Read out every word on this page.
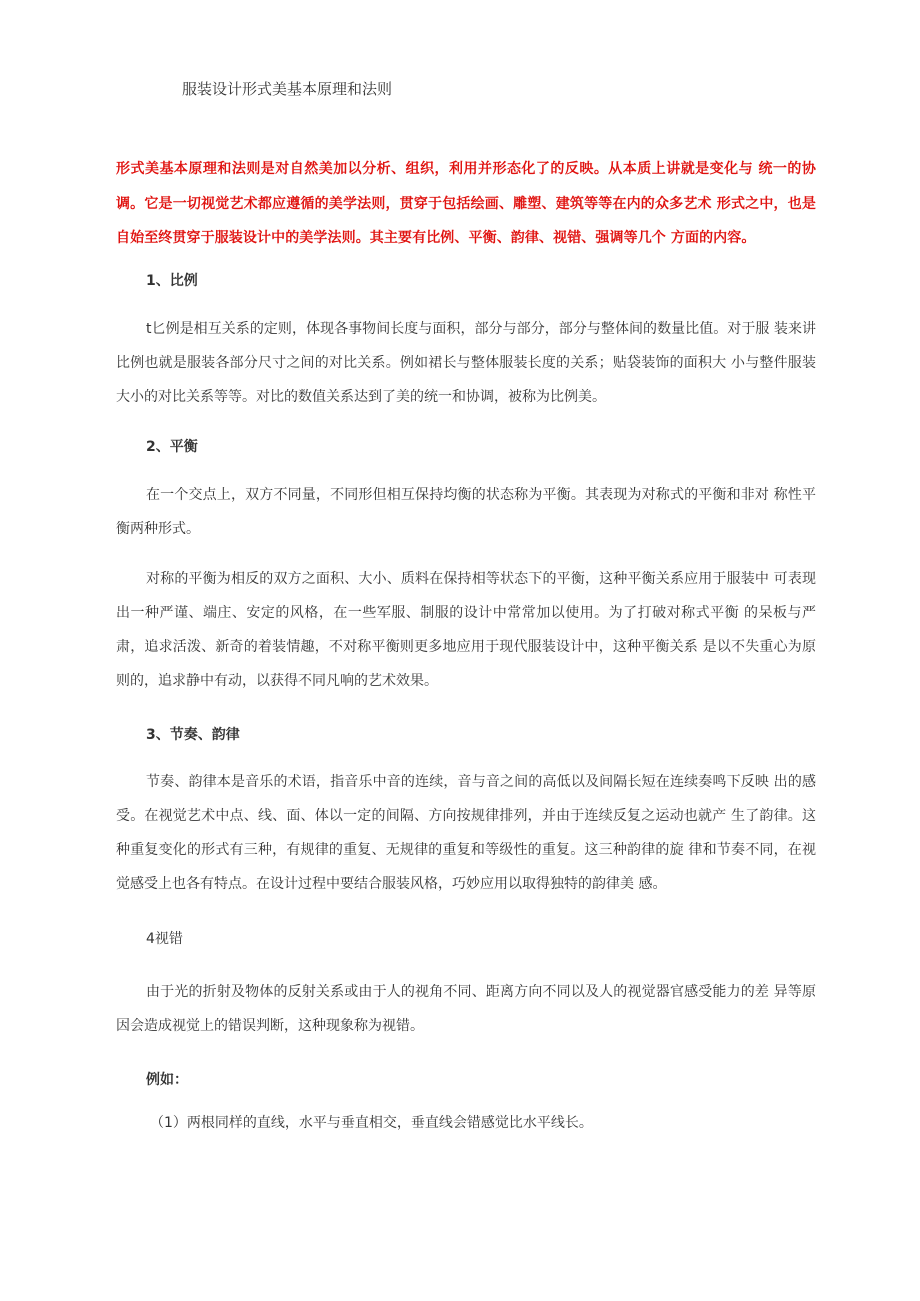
服装设计形式美基本原理和法则
形式美基本原理和法则是对自然美加以分析、组织，利用并形态化了的反映。从本质上讲就是变化与 统一的协调。它是一切视觉艺术都应遵循的美学法则，贯穿于包括绘画、雕塑、建筑等等在内的众多艺术 形式之中，也是自始至终贯穿于服装设计中的美学法则。其主要有比例、平衡、韵律、视错、强调等几个 方面的内容。
1、比例
t匕例是相互关系的定则，体现各事物间长度与面积，部分与部分，部分与整体间的数量比值。对于服 装来讲比例也就是服装各部分尺寸之间的对比关系。例如裙长与整体服装长度的关系；贴袋装饰的面积大 小与整件服装大小的对比关系等等。对比的数值关系达到了美的统一和协调，被称为比例美。
2、平衡
在一个交点上，双方不同量，不同形但相互保持均衡的状态称为平衡。其表现为对称式的平衡和非对 称性平衡两种形式。
对称的平衡为相反的双方之面积、大小、质料在保持相等状态下的平衡，这种平衡关系应用于服装中 可表现出一种严谨、端庄、安定的风格，在一些军服、制服的设计中常常加以使用。为了打破对称式平衡 的呆板与严肃，追求活泼、新奇的着装情趣，不对称平衡则更多地应用于现代服装设计中，这种平衡关系 是以不失重心为原则的，追求静中有动，以获得不同凡响的艺术效果。
3、节奏、韵律
节奏、韵律本是音乐的术语，指音乐中音的连续，音与音之间的高低以及间隔长短在连续奏鸣下反映 出的感受。在视觉艺术中点、线、面、体以一定的间隔、方向按规律排列，并由于连续反复之运动也就产 生了韵律。这种重复变化的形式有三种，有规律的重复、无规律的重复和等级性的重复。这三种韵律的旋 律和节奏不同，在视觉感受上也各有特点。在设计过程中要结合服装风格，巧妙应用以取得独特的韵律美 感。
4视错
由于光的折射及物体的反射关系或由于人的视角不同、距离方向不同以及人的视觉器官感受能力的差 异等原因会造成视觉上的错误判断，这种现象称为视错。
例如：
（1）两根同样的直线，水平与垂直相交，垂直线会错感觉比水平线长。
